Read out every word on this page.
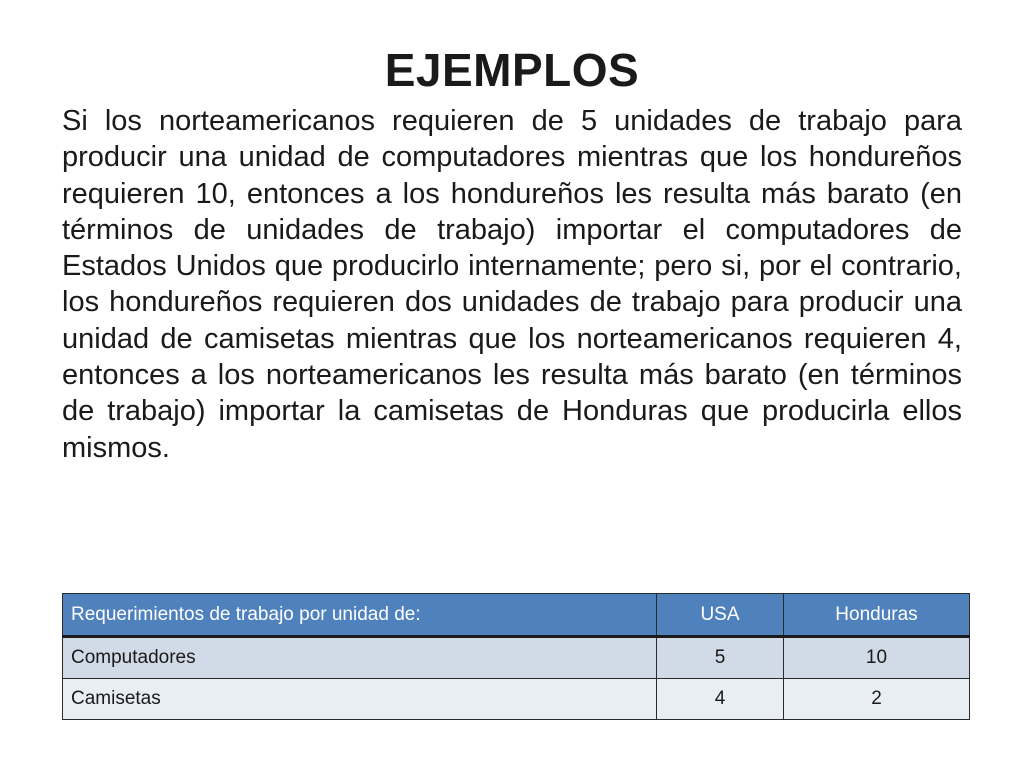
EJEMPLOS

Si los norteamericanos requieren de 5 unidades de trabajo para producir una unidad de computadores mientras que los hondureños requieren 10, entonces a los hondureños les resulta más barato (en términos de unidades de trabajo) importar el computadores de Estados Unidos que producirlo internamente; pero si, por el contrario, los hondureños requieren dos unidades de trabajo para producir una unidad de camisetas mientras que los norteamericanos requieren 4, entonces a los norteamericanos les resulta más barato (en términos de trabajo) importar la camisetas de Honduras que producirla ellos mismos.

Requerimientos de trabajo por unidad de:	USA	Honduras
Computadores	5	10
Camisetas	4	2
